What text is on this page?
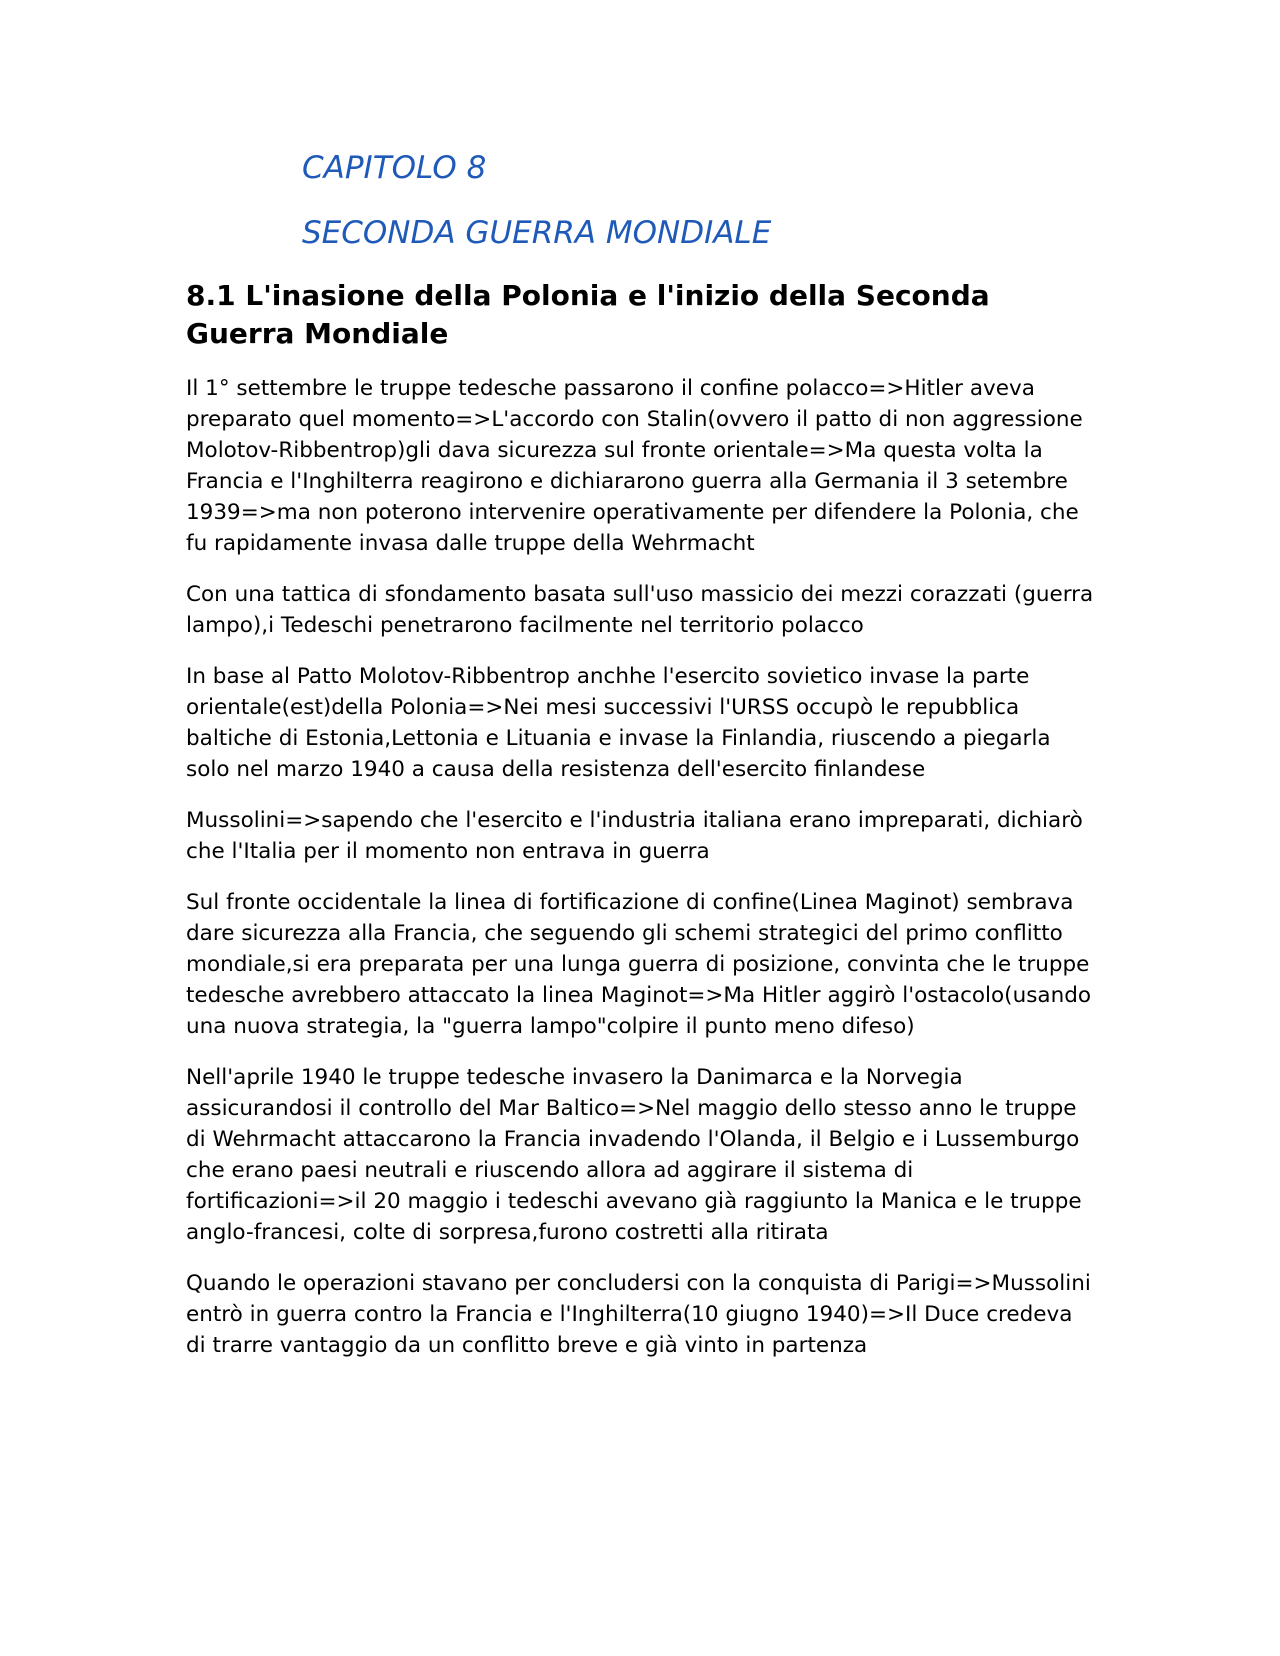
CAPITOLO 8
SECONDA GUERRA MONDIALE
8.1 L'inasione della Polonia e l'inizio della Seconda Guerra Mondiale

Il 1° settembre le truppe tedesche passarono il confine polacco=>Hitler aveva preparato quel momento=>L'accordo con Stalin(ovvero il patto di non aggressione Molotov-Ribbentrop)gli dava sicurezza sul fronte orientale=>Ma questa volta la Francia e l'Inghilterra reagirono e dichiararono guerra alla Germania il 3 setembre 1939=>ma non poterono intervenire operativamente per difendere la Polonia, che fu rapidamente invasa dalle truppe della Wehrmacht

Con una tattica di sfondamento basata sull'uso massicio dei mezzi corazzati (guerra lampo),i Tedeschi penetrarono facilmente nel territorio polacco

In base al Patto Molotov-Ribbentrop anchhe l'esercito sovietico invase la parte orientale(est)della Polonia=>Nei mesi successivi l'URSS occupò le repubblica baltiche di Estonia,Lettonia e Lituania e invase la Finlandia, riuscendo a piegarla solo nel marzo 1940 a causa della resistenza dell'esercito finlandese

Mussolini=>sapendo che l'esercito e l'industria italiana erano impreparati, dichiarò che l'Italia per il momento non entrava in guerra

Sul fronte occidentale la linea di fortificazione di confine(Linea Maginot) sembrava dare sicurezza alla Francia, che seguendo gli schemi strategici del primo conflitto mondiale,si era preparata per una lunga guerra di posizione, convinta che le truppe tedesche avrebbero attaccato la linea Maginot=>Ma Hitler aggirò l'ostacolo(usando una nuova strategia, la "guerra lampo"colpire il punto meno difeso)

Nell'aprile 1940 le truppe tedesche invasero la Danimarca e la Norvegia assicurandosi il controllo del Mar Baltico=>Nel maggio dello stesso anno le truppe di Wehrmacht attaccarono la Francia invadendo l'Olanda, il Belgio e i Lussemburgo che erano paesi neutrali e riuscendo allora ad aggirare il sistema di fortificazioni=>il 20 maggio i tedeschi avevano già raggiunto la Manica e le truppe anglo-francesi, colte di sorpresa,furono costretti alla ritirata

Quando le operazioni stavano per concludersi con la conquista di Parigi=>Mussolini entrò in guerra contro la Francia e l'Inghilterra(10 giugno 1940)=>Il Duce credeva di trarre vantaggio da un conflitto breve e già vinto in partenza
